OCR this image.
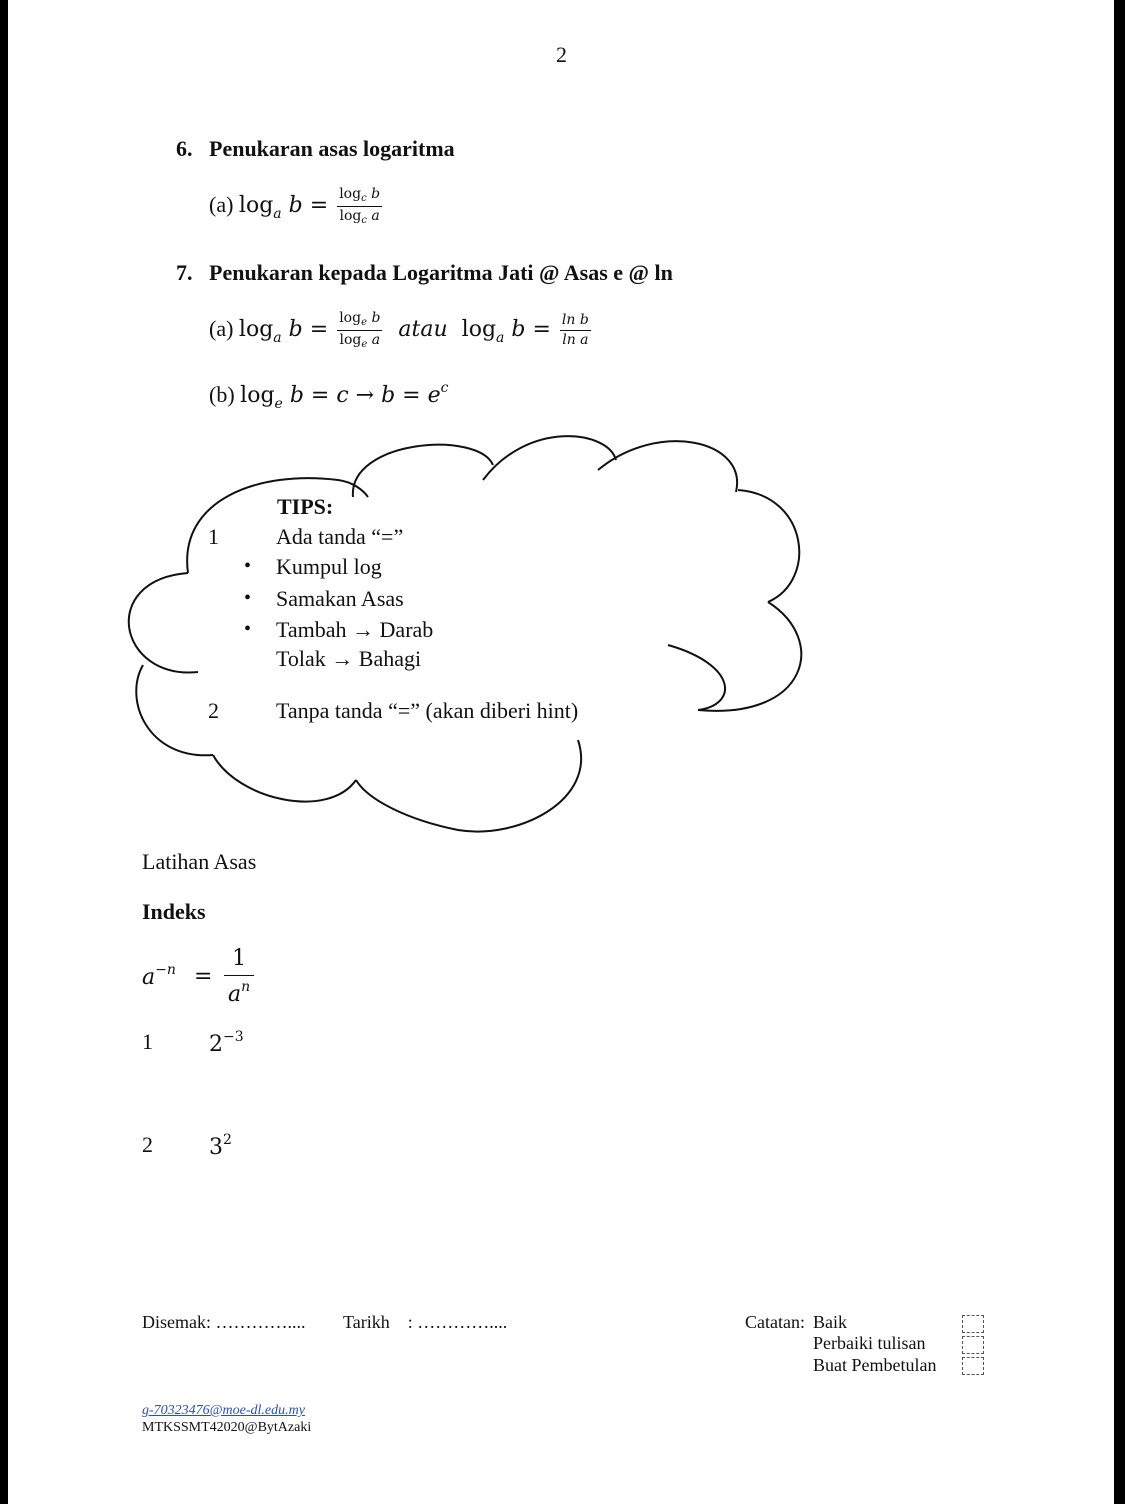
2
6. Penukaran asas logaritma
(a) $\log_a b = \frac{\log_c b}{\log_c a}$
7. Penukaran kepada Logaritma Jati @ Asas e @ ln
(a) $\log_a b = \frac{\log_e b}{\log_e a}$ atau $\log_a b = \frac{\text{ln b}}{\text{ln a}}$
(b) $\log_e b = c \to b = e^c$
TIPS:
1	Ada tanda “=”
• Kumpul log
• Samakan Asas
• Tambah → Darab
Tolak → Bahagi
2	Tanpa tanda “=” (akan diberi hint)
Latihan Asas
Indeks
$a^{-n} = \frac{1}{a^n}$
1	$2^{-3}$
2	$3^2$
Disemak: ………….... Tarikh : …………....	Catatan: Baik
Perbaiki tulisan
Buat Pembetulan
g-70323476@moe-dl.edu.my
MTKSSMT42020@BytAzaki
